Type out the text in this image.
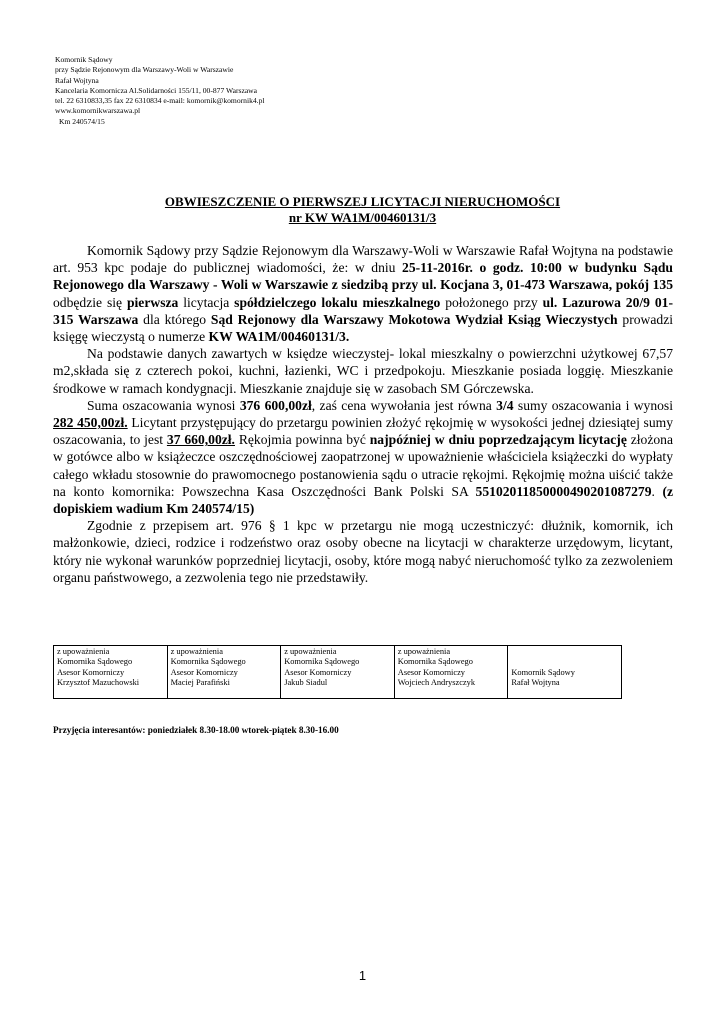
Komornik Sądowy
przy Sądzie Rejonowym dla Warszawy-Woli w Warszawie
Rafał Wojtyna
Kancelaria Komornicza Al.Solidarności 155/11, 00-877 Warszawa
tel. 22 6310833,35 fax 22 6310834 e-mail: komornik@komornik4.pl
www.komornikwarszawa.pl
Km 240574/15
OBWIESZCZENIE O PIERWSZEJ LICYTACJI NIERUCHOMOŚCI
nr KW WA1M/00460131/3

Komornik Sądowy przy Sądzie Rejonowym dla Warszawy-Woli w Warszawie Rafał Wojtyna na podstawie art. 953 kpc podaje do publicznej wiadomości, że: w dniu 25-11-2016r. o godz. 10:00 w budynku Sądu Rejonowego dla Warszawy - Woli w Warszawie z siedzibą przy ul. Kocjana 3, 01-473 Warszawa, pokój 135 odbędzie się pierwsza licytacja spółdzielczego lokalu mieszkalnego położonego przy ul. Lazurowa 20/9 01-315 Warszawa dla którego Sąd Rejonowy dla Warszawy Mokotowa Wydział Ksiąg Wieczystych prowadzi księgę wieczystą o numerze KW WA1M/00460131/3.

Na podstawie danych zawartych w księdze wieczystej- lokal mieszkalny o powierzchni użytkowej 67,57 m2,składa się z czterech pokoi, kuchni, łazienki, WC i przedpokoju. Mieszkanie posiada loggię. Mieszkanie środkowe w ramach kondygnacji. Mieszkanie znajduje się w zasobach SM Górczewska.

Suma oszacowania wynosi 376 600,00zł, zaś cena wywołania jest równa 3/4 sumy oszacowania i wynosi 282 450,00zł. Licytant przystępujący do przetargu powinien złożyć rękojmię w wysokości jednej dziesiątej sumy oszacowania, to jest 37 660,00zł. Rękojmia powinna być najpóźniej w dniu poprzedzającym licytację złożona w gotówce albo w książeczce oszczędnościowej zaopatrzonej w upoważnienie właściciela książeczki do wypłaty całego wkładu stosownie do prawomocnego postanowienia sądu o utracie rękojmi. Rękojmię można uiścić także na konto komornika: Powszechna Kasa Oszczędności Bank Polski SA 55102011850000490201087279. (z dopiskiem wadium Km 240574/15)

Zgodnie z przepisem art. 976 § 1 kpc w przetargu nie mogą uczestniczyć: dłużnik, komornik, ich małżonkowie, dzieci, rodzice i rodzeństwo oraz osoby obecne na licytacji w charakterze urzędowym, licytant, który nie wykonał warunków poprzedniej licytacji, osoby, które mogą nabyć nieruchomość tylko za zezwoleniem organu państwowego, a zezwolenia tego nie przedstawiły.

z upoważnienia
Komornika Sądowego
Asesor Komorniczy
Krzysztof Mazuchowski

z upoważnienia
Komornika Sądowego
Asesor Komorniczy
Maciej Parafiński

z upoważnienia
Komornika Sądowego
Asesor Komorniczy
Jakub Siadul

z upoważnienia
Komornika Sądowego
Asesor Komorniczy
Wojciech Andryszczyk

Komornik Sądowy
Rafał Wojtyna
Przyjęcia interesantów: poniedziałek 8.30-18.00 wtorek-piątek 8.30-16.00
1
